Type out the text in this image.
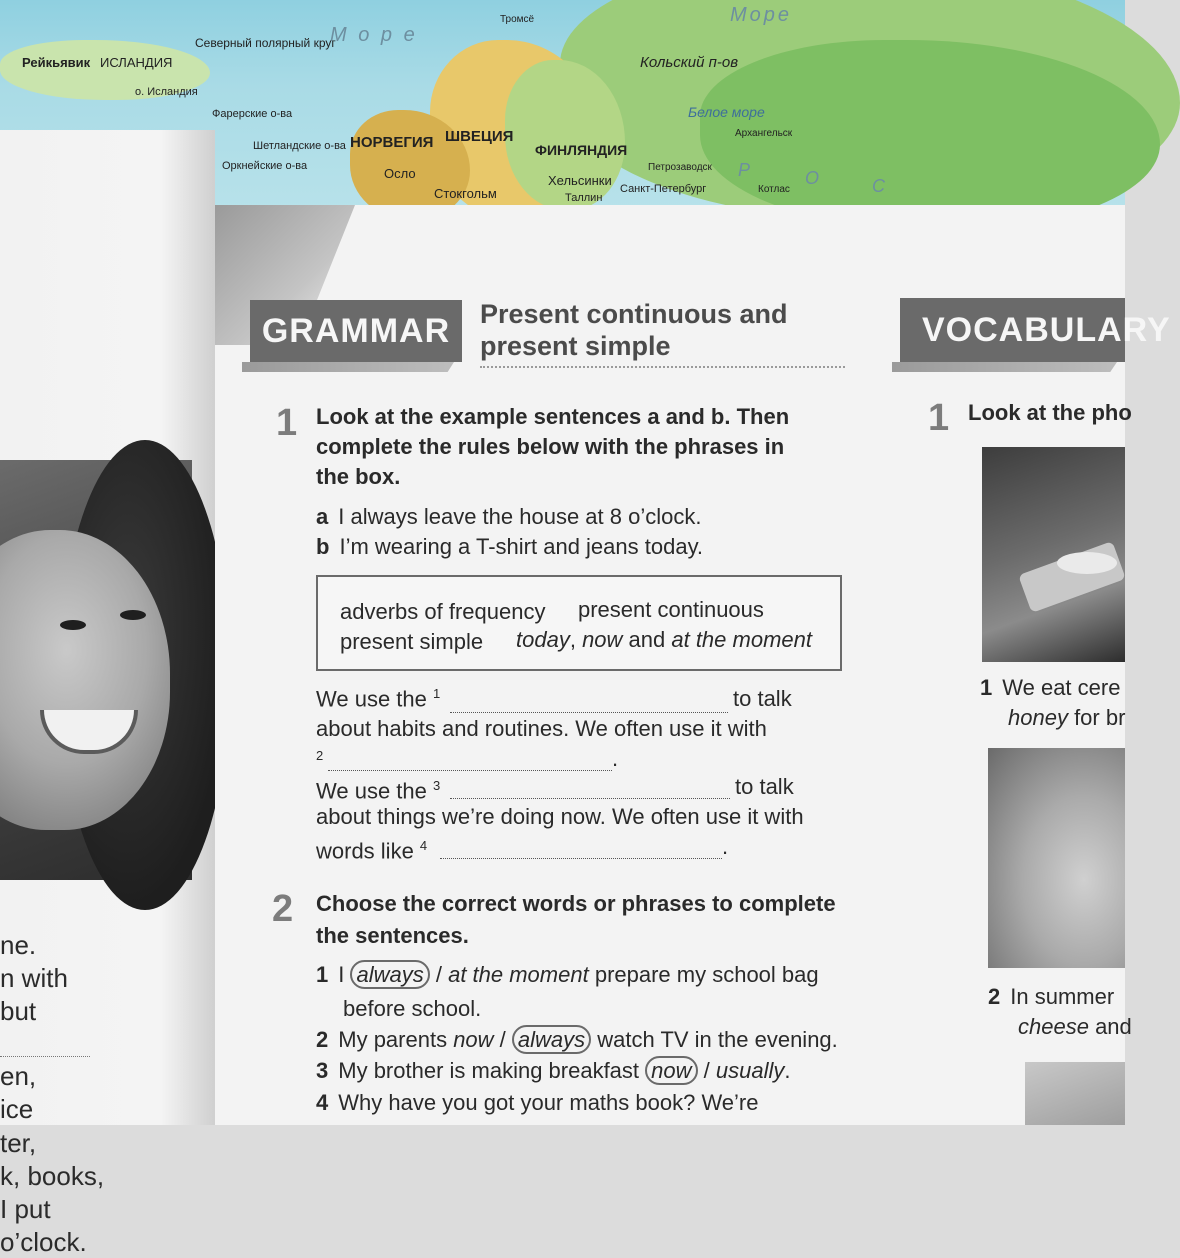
М о р е
Море
Северный полярный круг
Рейкьявик ИСЛАНДИЯ
о. Исландия
НОРВЕГИЯ ШВЕЦИЯ
ФИНЛЯНДИЯ
Осло
Стокгольм
Хельсинки
Санкт-Петербург
Таллин
Кольский п-ов
Белое море
Архангельск
Петрозаводск
Тромсё
Котлас
Фарерские о-ва
Шетландские о-ва
Оркнейские о-ва
О	С
Р
ne.
n with
but
en,
ice
ter,
k, books,
I put
o’clock.
GRAMMAR	Present continuous and
present simple	VOCABULARY
1 Look at the example sentences a and b. Then
complete the rules below with the phrases in
the box.
a I always leave the house at 8 o’clock.
b I’m wearing a T-shirt and jeans today.
adverbs of frequency present continuous
present simple today, now and at the moment
We use the $^1$	to talk
about habits and routines. We often use it with
2	.
We use the $^3$	to talk
about things we’re doing now. We often use it with
words like $^4$	.
2 Choose the correct words or phrases to complete
the sentences.
1 I always / at the moment prepare my school bag
before school.
2 My parents now / always watch TV in the evening.
3 My brother is making breakfast now / usually.
4 Why have you got your maths book? We’re
1 Look at the pho
1 We eat cere
honey for br
2 In summer
cheese and
